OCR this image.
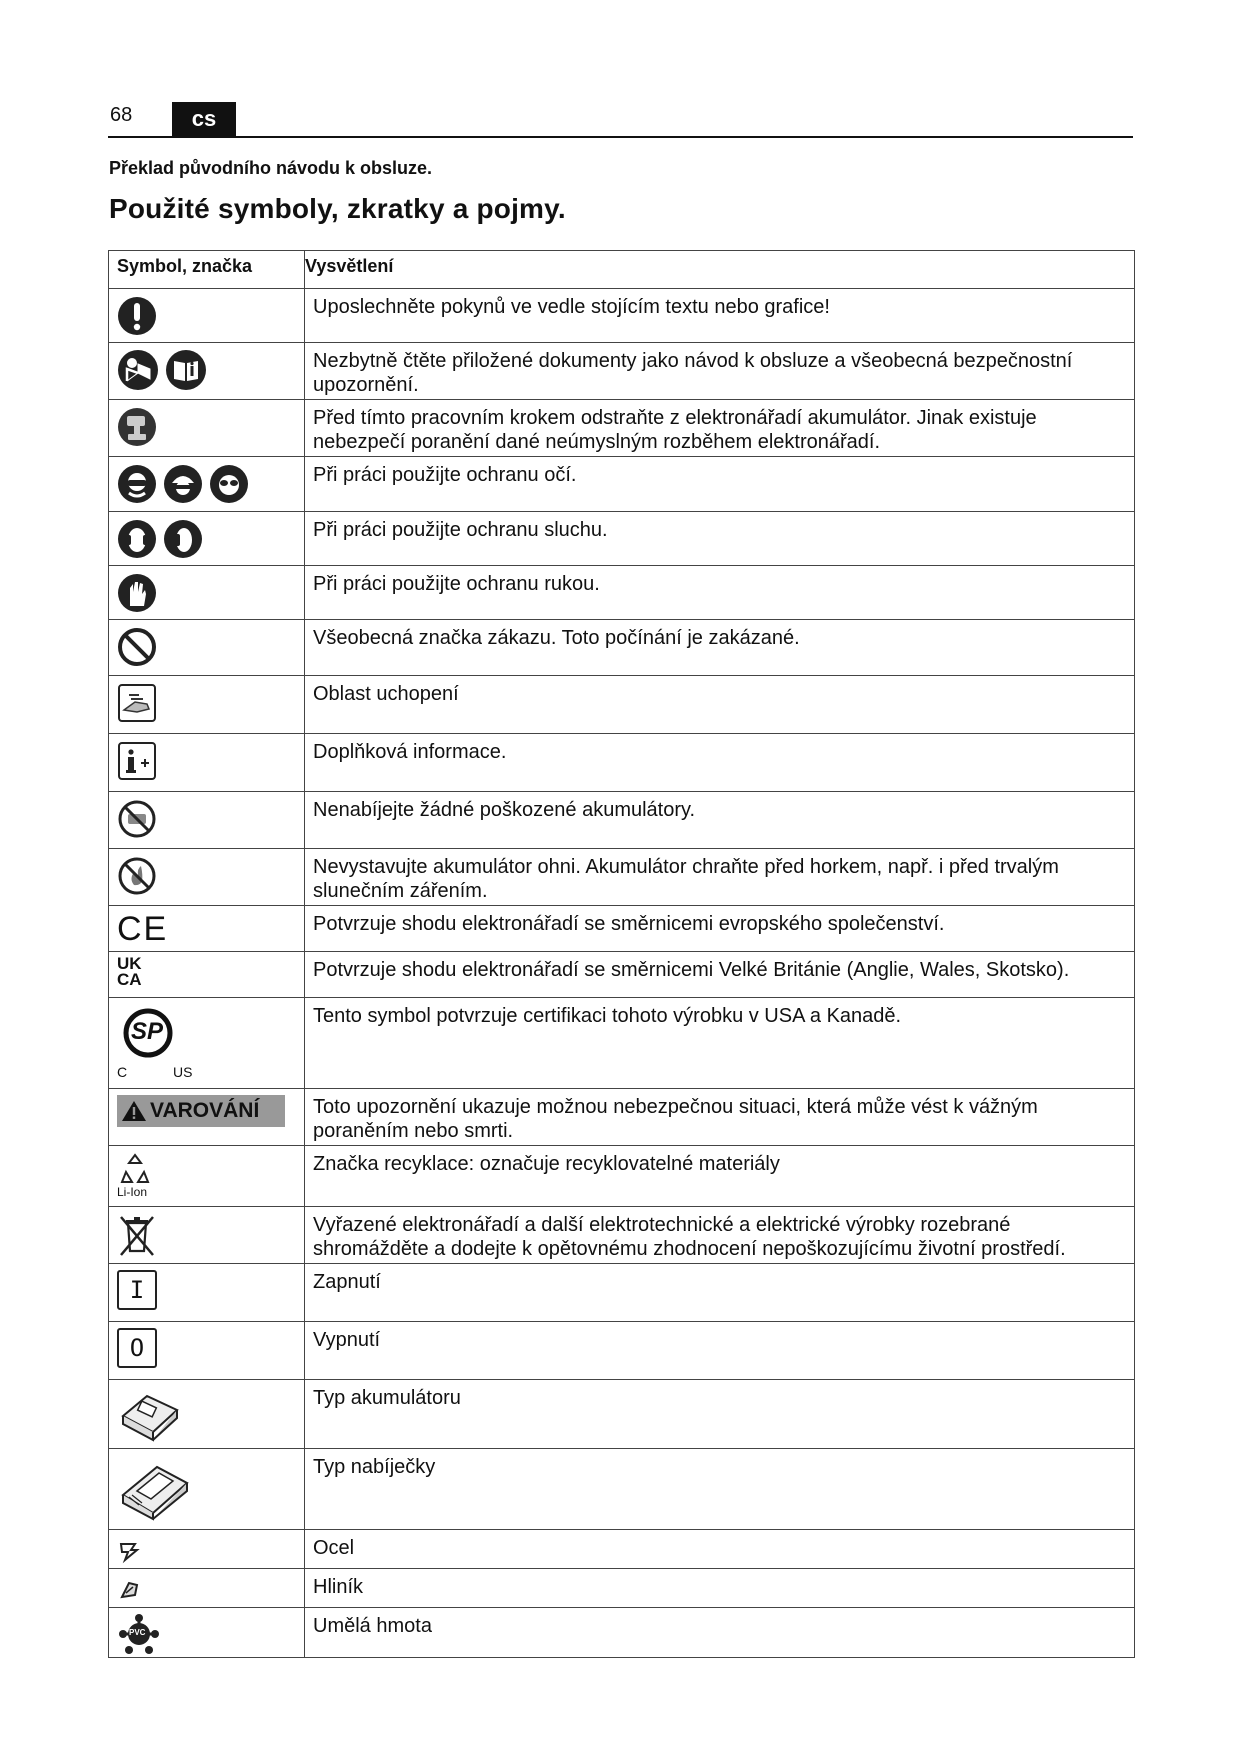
68	cs
Překlad původního návodu k obsluze.
Použité symboly, zkratky a pojmy.
Symbol, značka	Vysvětlení

	Uposlechněte pokynů ve vedle stojícím textu nebo grafice!

	Nezbytně čtěte přiložené dokumenty jako návod k obsluze a všeobecná bezpečnostní upozornění.

	Před tímto pracovním krokem odstraňte z elektronářadí akumulátor. Jinak existuje nebezpečí poranění dané neúmyslným rozběhem elektronářadí.

	Při práci použijte ochranu očí.

	Při práci použijte ochranu sluchu.

	Při práci použijte ochranu rukou.

	Všeobecná značka zákazu. Toto počínání je zakázané.

	Oblast uchopení

	Doplňková informace.

	Nenabíjejte žádné poškozené akumulátory.

	Nevystavujte akumulátor ohni. Akumulátor chraňte před horkem, např. i před trvalým slunečním zářením.

CE	Potvrzuje shodu elektronářadí se směrnicemi evropského společenství.

UK
CA	Potvrzuje shodu elektronářadí se směrnicemi Velké Británie (Anglie, Wales, Skotsko).

SP
C US	Tento symbol potvrzuje certifikaci tohoto výrobku v USA a Kanadě.

VAROVÁNÍ	Toto upozornění ukazuje možnou nebezpečnou situaci, která může vést k vážným poraněním nebo smrti.

Li-Ion	Značka recyklace: označuje recyklovatelné materiály

	Vyřazené elektronářadí a další elektrotechnické a elektrické výrobky rozebrané shromážděte a dodejte k opětovnému zhodnocení nepoškozujícímu životní prostředí.

I	Zapnutí

O	Vypnutí

	Typ akumulátoru

	Typ nabíječky

	Ocel

	Hliník

PVC	Umělá hmota
